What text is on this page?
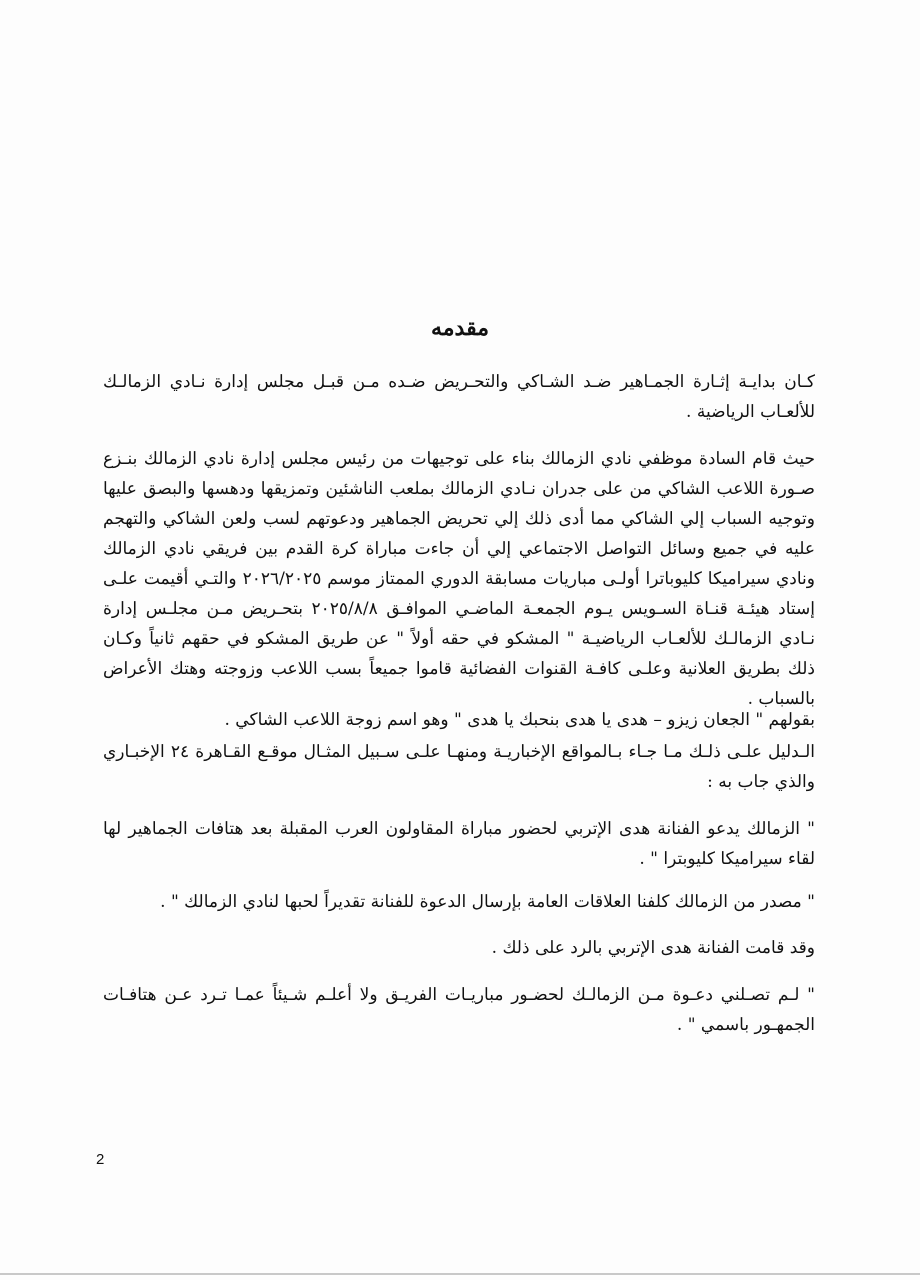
مقدمه

كـان بدايـة إثـارة الجمـاهير ضـد الشـاكي والتحـريض ضـده مـن قبـل مجلس إدارة نـادي الزمالـك للألعـاب الرياضية .

حيث قام السادة موظفي نادي الزمالك بناء على توجيهات من رئيس مجلس إدارة نادي الزمالك بنـزع صـورة اللاعب الشاكي من على جدران نـادي الزمالك بملعب الناشئين وتمزيقها ودهسها والبصق عليها وتوجيه السباب إلي الشاكي مما أدى ذلك إلي تحريض الجماهير ودعوتهم لسب ولعن الشاكي والتهجم عليه في جميع وسائل التواصل الاجتماعي إلي أن جاءت مباراة كرة القدم بين فريقي نادي الزمالك ونادي سيراميكا كليوباترا أولـى مباريات مسابقة الدوري الممتاز موسم ٢٠٢٦/٢٠٢٥ والتـي أقيمت علـى إستاد هيئـة قنـاة السـويس يـوم الجمعـة الماضـي الموافـق ٢٠٢٥/٨/٨ بتحـريض مـن مجلـس إدارة نـادي الزمالـك للألعـاب الرياضيـة " المشكو في حقه أولاً " عن طريق المشكو في حقهم ثانياً وكـان ذلك بطريق العلانية وعلـى كافـة القنوات الفضائية قاموا جميعاً بسب اللاعب وزوجته وهتك الأعراض بالسباب .

بقولهم " الجعان زيزو – هدى يا هدى بنحبك يا هدى " وهو اسم زوجة اللاعب الشاكي .

الـدليل علـى ذلـك مـا جـاء بـالمواقع الإخباريـة ومنهـا علـى سـبيل المثـال موقـع القـاهرة ٢٤ الإخبـاري والذي جاب به :

" الزمالك يدعو الفنانة هدى الإتربي لحضور مباراة المقاولون العرب المقبلة بعد هتافات الجماهير لها لقاء سيراميكا كليوبترا " .

" مصدر من الزمالك كلفنا العلاقات العامة بإرسال الدعوة للفنانة تقديراً لحبها لنادي الزمالك " .

وقد قامت الفنانة هدى الإتربي بالرد على ذلك .

" لـم تصـلني دعـوة مـن الزمالـك لحضـور مباريـات الفريـق ولا أعلـم شـيئاً عمـا تـرد عـن هتافـات الجمهـور باسمي " .

2
